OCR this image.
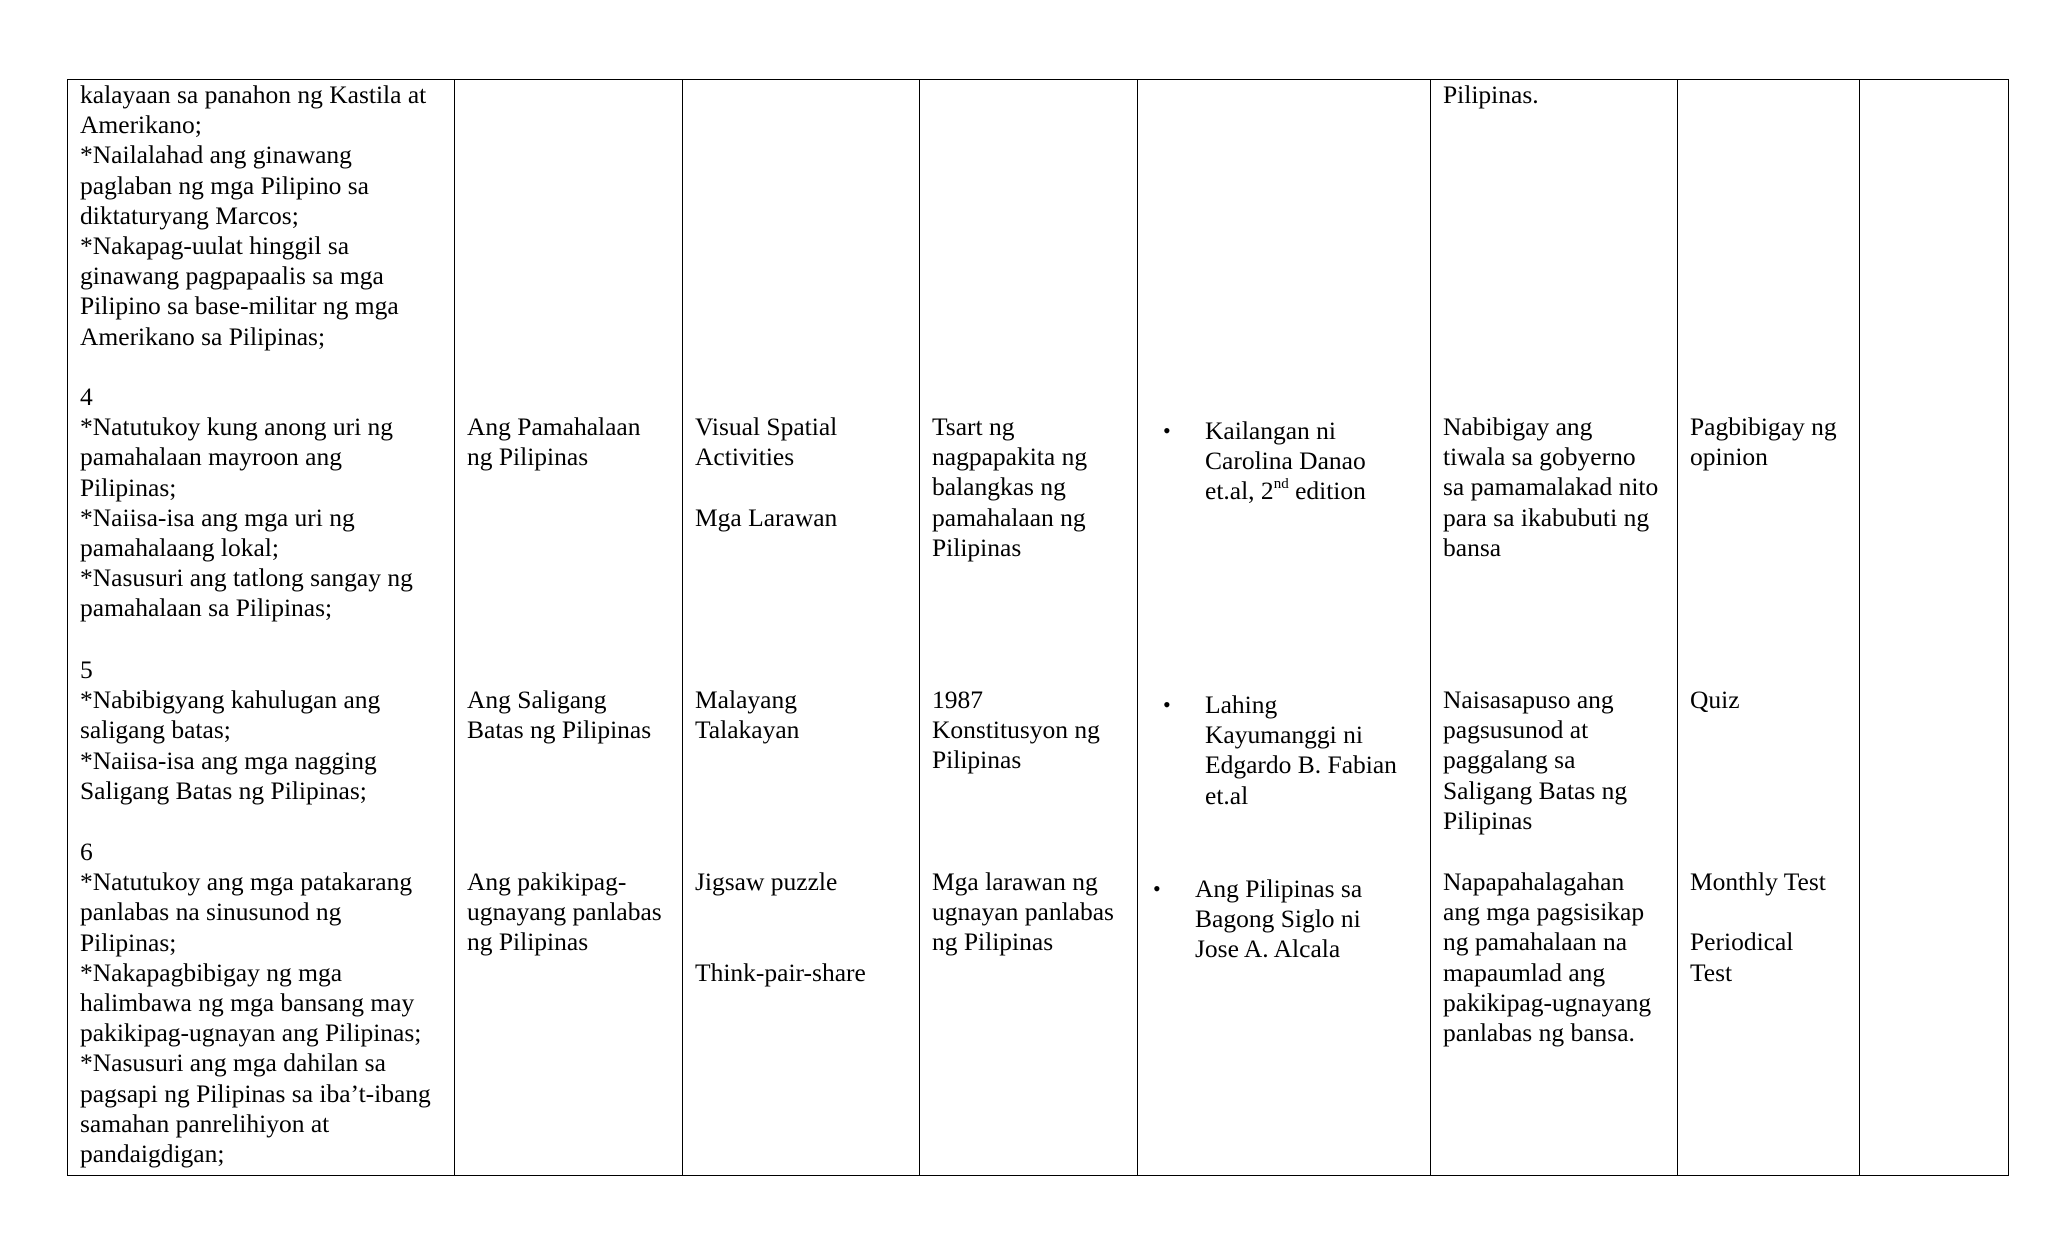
kalayaan sa panahon ng Kastila at
Amerikano;
*Nailalahad ang ginawang
paglaban ng mga Pilipino sa
diktaturyang Marcos;
*Nakapag-uulat hinggil sa
ginawang pagpapaalis sa mga
Pilipino sa base-militar ng mga
Amerikano sa Pilipinas;
4
*Natutukoy kung anong uri ng
pamahalaan mayroon ang
Pilipinas;
*Naiisa-isa ang mga uri ng
pamahalaang lokal;
*Nasusuri ang tatlong sangay ng
pamahalaan sa Pilipinas;
5
*Nabibigyang kahulugan ang
saligang batas;
*Naiisa-isa ang mga nagging
Saligang Batas ng Pilipinas;
6
*Natutukoy ang mga patakarang
panlabas na sinusunod ng
Pilipinas;
*Nakapagbibigay ng mga
halimbawa ng mga bansang may
pakikipag-ugnayan ang Pilipinas;
*Nasusuri ang mga dahilan sa
pagsapi ng Pilipinas sa iba’t-ibang
samahan panrelihiyon at
pandaigdigan;
Ang Pamahalaan
ng Pilipinas
Ang Saligang
Batas ng Pilipinas
Ang pakikipag-
ugnayang panlabas
ng Pilipinas
Visual Spatial
Activities
Mga Larawan
Malayang
Talakayan
Jigsaw puzzle
Think-pair-share
Tsart ng
nagpapakita ng
balangkas ng
pamahalaan ng
Pilipinas
1987
Konstitusyon ng
Pilipinas
Mga larawan ng
ugnayan panlabas
ng Pilipinas
• Kailangan ni
Carolina Danao
et.al, 2nd edition
• Lahing
Kayumanggi ni
Edgardo B. Fabian
et.al
• Ang Pilipinas sa
Bagong Siglo ni
Jose A. Alcala
Pilipinas.
Nabibigay ang
tiwala sa gobyerno
sa pamamalakad nito
para sa ikabubuti ng
bansa
Naisasapuso ang
pagsusunod at
paggalang sa
Saligang Batas ng
Pilipinas
Napapahalagahan
ang mga pagsisikap
ng pamahalaan na
mapaumlad ang
pakikipag-ugnayang
panlabas ng bansa.
Pagbibigay ng
opinion
Quiz
Monthly Test
Periodical
Test
